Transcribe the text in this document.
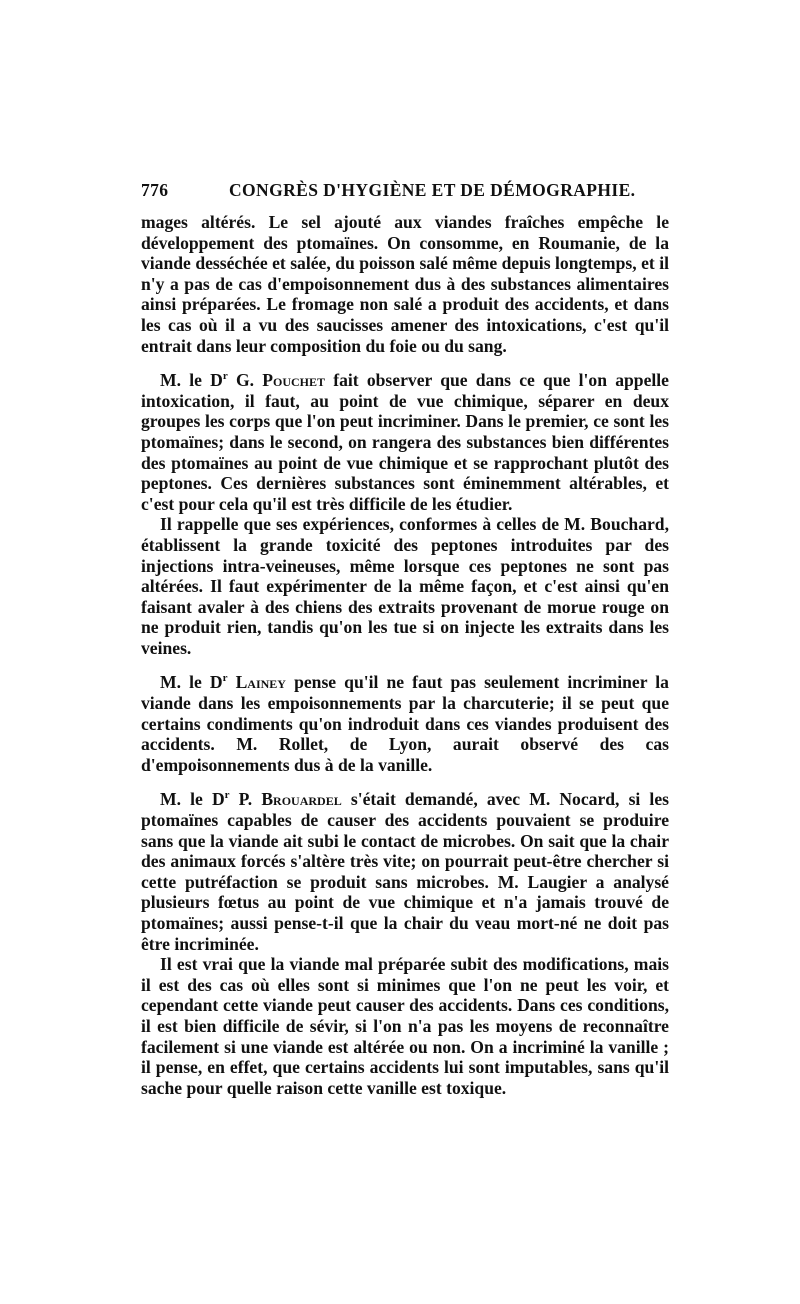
776	CONGRÈS D'HYGIÈNE ET DE DÉMOGRAPHIE.

mages altérés. Le sel ajouté aux viandes fraîches empêche le développement des ptomaïnes. On consomme, en Roumanie, de la viande desséchée et salée, du poisson salé même depuis longtemps, et il n'y a pas de cas d'empoisonnement dus à des substances alimentaires ainsi préparées. Le fromage non salé a produit des accidents, et dans les cas où il a vu des saucisses amener des intoxications, c'est qu'il entrait dans leur composition du foie ou du sang.

M. le $D^r$ G. Pouchet fait observer que dans ce que l'on appelle intoxication, il faut, au point de vue chimique, séparer en deux groupes les corps que l'on peut incriminer. Dans le premier, ce sont les ptomaïnes; dans le second, on rangera des substances bien différentes des ptomaïnes au point de vue chimique et se rapprochant plutôt des peptones. Ces dernières substances sont éminemment altérables, et c'est pour cela qu'il est très difficile de les étudier.

Il rappelle que ses expériences, conformes à celles de M. Bouchard, établissent la grande toxicité des peptones introduites par des injections intra-veineuses, même lorsque ces peptones ne sont pas altérées. Il faut expérimenter de la même façon, et c'est ainsi qu'en faisant avaler à des chiens des extraits provenant de morue rouge on ne produit rien, tandis qu'on les tue si on injecte les extraits dans les veines.

M. le $D^r$ Lainey pense qu'il ne faut pas seulement incriminer la viande dans les empoisonnements par la charcuterie; il se peut que certains condiments qu'on indroduit dans ces viandes produisent des accidents. M. Rollet, de Lyon, aurait observé des cas d'empoisonnements dus à de la vanille.

M. le $D^r$ P. Brouardel s'était demandé, avec M. Nocard, si les ptomaïnes capables de causer des accidents pouvaient se produire sans que la viande ait subi le contact de microbes. On sait que la chair des animaux forcés s'altère très vite; on pourrait peut-être chercher si cette putréfaction se produit sans microbes. M. Laugier a analysé plusieurs fœtus au point de vue chimique et n'a jamais trouvé de ptomaïnes; aussi pense-t-il que la chair du veau mort-né ne doit pas être incriminée.

Il est vrai que la viande mal préparée subit des modifications, mais il est des cas où elles sont si minimes que l'on ne peut les voir, et cependant cette viande peut causer des accidents. Dans ces conditions, il est bien difficile de sévir, si l'on n'a pas les moyens de reconnaître facilement si une viande est altérée ou non. On a incriminé la vanille ; il pense, en effet, que certains accidents lui sont imputables, sans qu'il sache pour quelle raison cette vanille est toxique.
